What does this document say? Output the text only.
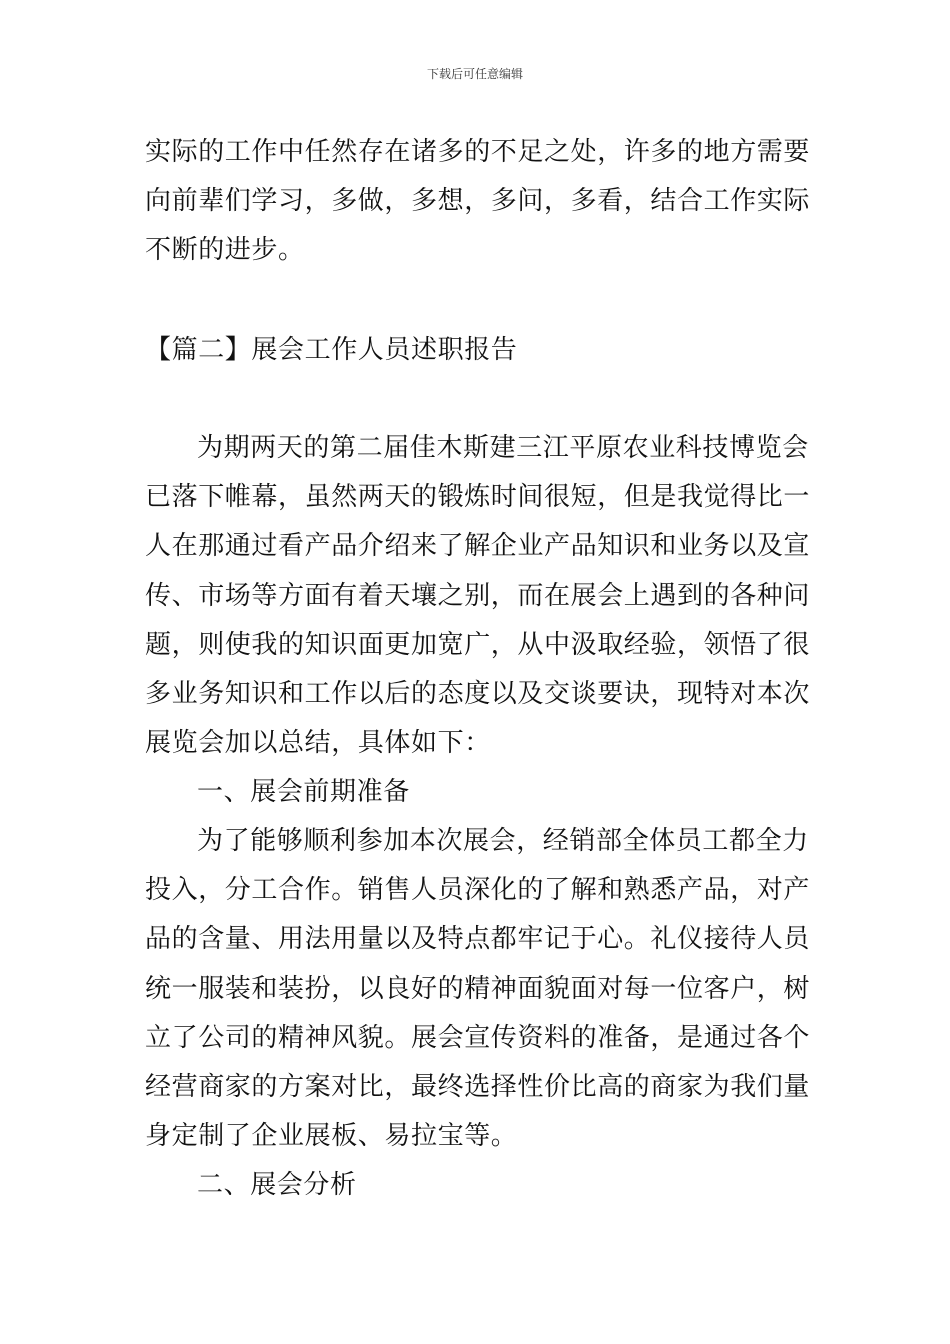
下载后可任意编辑

实际的工作中任然存在诸多的不足之处，许多的地方需要向前辈们学习，多做，多想，多问，多看，结合工作实际不断的进步。

【篇二】展会工作人员述职报告

为期两天的第二届佳木斯建三江平原农业科技博览会已落下帷幕，虽然两天的锻炼时间很短，但是我觉得比一人在那通过看产品介绍来了解企业产品知识和业务以及宣传、市场等方面有着天壤之别，而在展会上遇到的各种问题，则使我的知识面更加宽广，从中汲取经验，领悟了很多业务知识和工作以后的态度以及交谈要诀，现特对本次展览会加以总结，具体如下：

一、展会前期准备

为了能够顺利参加本次展会，经销部全体员工都全力投入，分工合作。销售人员深化的了解和熟悉产品，对产品的含量、用法用量以及特点都牢记于心。礼仪接待人员统一服装和装扮，以良好的精神面貌面对每一位客户，树立了公司的精神风貌。展会宣传资料的准备，是通过各个经营商家的方案对比，最终选择性价比高的商家为我们量身定制了企业展板、易拉宝等。

二、展会分析
